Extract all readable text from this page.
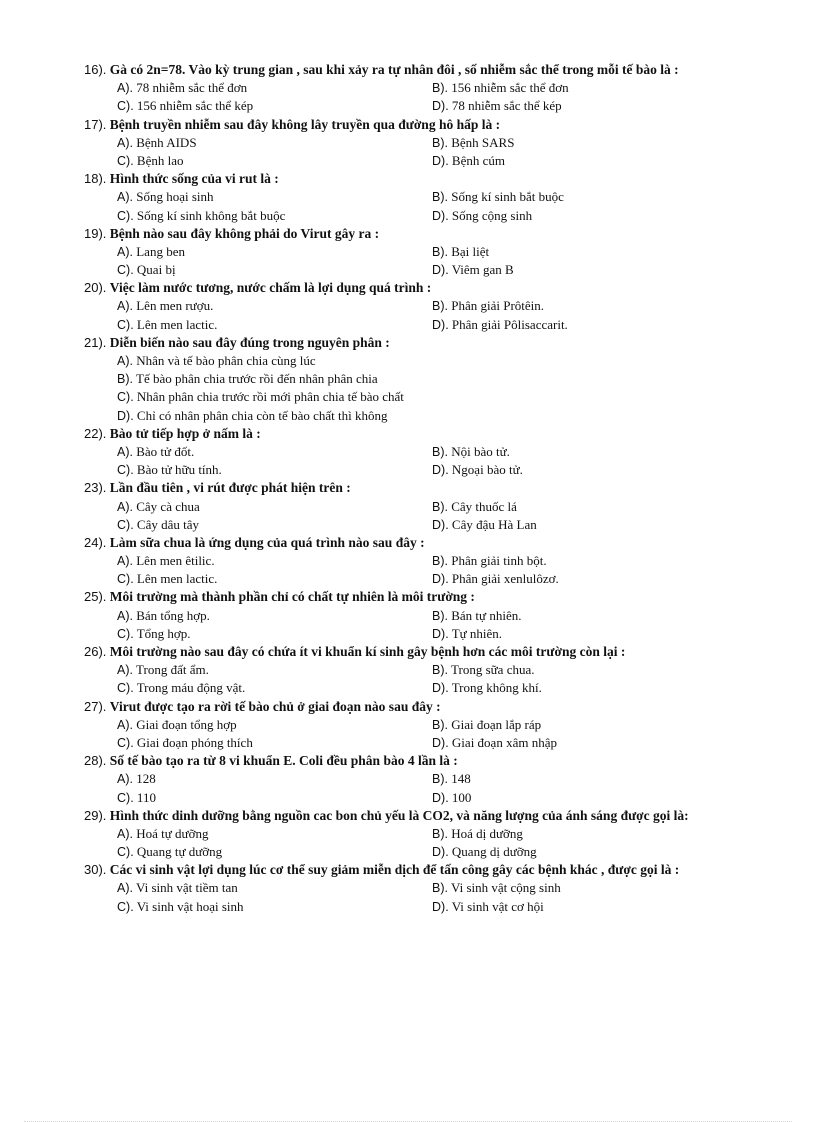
16). Gà có 2n=78. Vào kỳ trung gian , sau khi xảy ra tự nhân đôi , số nhiễm sắc thể trong mỗi tế bào là :
A). 78 nhiễm sắc thể đơn	B). 156 nhiễm sắc thể đơn
C). 156 nhiễm sắc thể kép	D). 78 nhiễm sắc thể kép
17). Bệnh truyền nhiễm sau đây không lây truyền qua đường hô hấp là :
A). Bệnh AIDS	B). Bệnh SARS
C). Bệnh lao	D). Bệnh cúm
18). Hình thức sống của vi rut là :
A). Sống hoại sinh	B). Sống kí sinh bắt buộc
C). Sống kí sinh không bắt buộc	D). Sống cộng sinh
19). Bệnh nào sau đây không phải do Virut gây ra :
A). Lang ben	B). Bại liệt
C). Quai bị	D). Viêm gan B
20). Việc làm nước tương, nước chấm là lợi dụng quá trình :
A). Lên men rượu.	B). Phân giải Prôtêin.
C). Lên men lactic.	D). Phân giải Pôlisaccarit.
21). Diễn biến nào sau đây đúng trong nguyên phân :
A). Nhân và tế bào phân chia cùng lúc
B). Tế bào phân chia trước rồi đến nhân phân chia
C). Nhân phân chia trước rồi mới phân chia tế bào chất
D). Chỉ có nhân phân chia còn tế bào chất thì không
22). Bào tử tiếp hợp ở nấm là :
A). Bào tử đốt.	B). Nội bào tử.
C). Bào tử hữu tính.	D). Ngoại bào tử.
23). Lần đầu tiên , vi rút được phát hiện trên :
A). Cây cà chua	B). Cây thuốc lá
C). Cây dâu tây	D). Cây đậu Hà Lan
24). Làm sữa chua là ứng dụng của quá trình nào sau đây :
A). Lên men êtilic.	B). Phân giải tinh bột.
C). Lên men lactic.	D). Phân giải xenlulôzơ.
25). Môi trường mà thành phần chỉ có chất tự nhiên là môi trường :
A). Bán tổng hợp.	B). Bán tự nhiên.
C). Tổng hợp.	D). Tự nhiên.
26). Môi trường nào sau đây có chứa ít vi khuẩn kí sinh gây bệnh hơn các môi trường còn lại :
A). Trong đất ẩm.	B). Trong sữa chua.
C). Trong máu động vật.	D). Trong không khí.
27). Virut được tạo ra rời tế bào chủ ở giai đoạn nào sau đây :
A). Giai đoạn tổng hợp	B). Giai đoạn lắp ráp
C). Giai đoạn phóng thích	D). Giai đoạn xâm nhập
28). Số tế bào tạo ra từ 8 vi khuẩn E. Coli đều phân bào 4 lần là :
A). 128	B). 148
C). 110	D). 100
29). Hình thức dinh dưỡng bằng nguồn cac bon chủ yếu là CO2, và năng lượng của ánh sáng được gọi là:
A). Hoá tự dưỡng	B). Hoá dị dưỡng
C). Quang tự dưỡng	D). Quang dị dưỡng
30). Các vi sinh vật lợi dụng lúc cơ thể suy giảm miễn dịch để tấn công gây các bệnh khác , được gọi là :
A). Vi sinh vật tiềm tan	B). Vi sinh vật cộng sinh
C). Vi sinh vật hoại sinh	D). Vi sinh vật cơ hội
